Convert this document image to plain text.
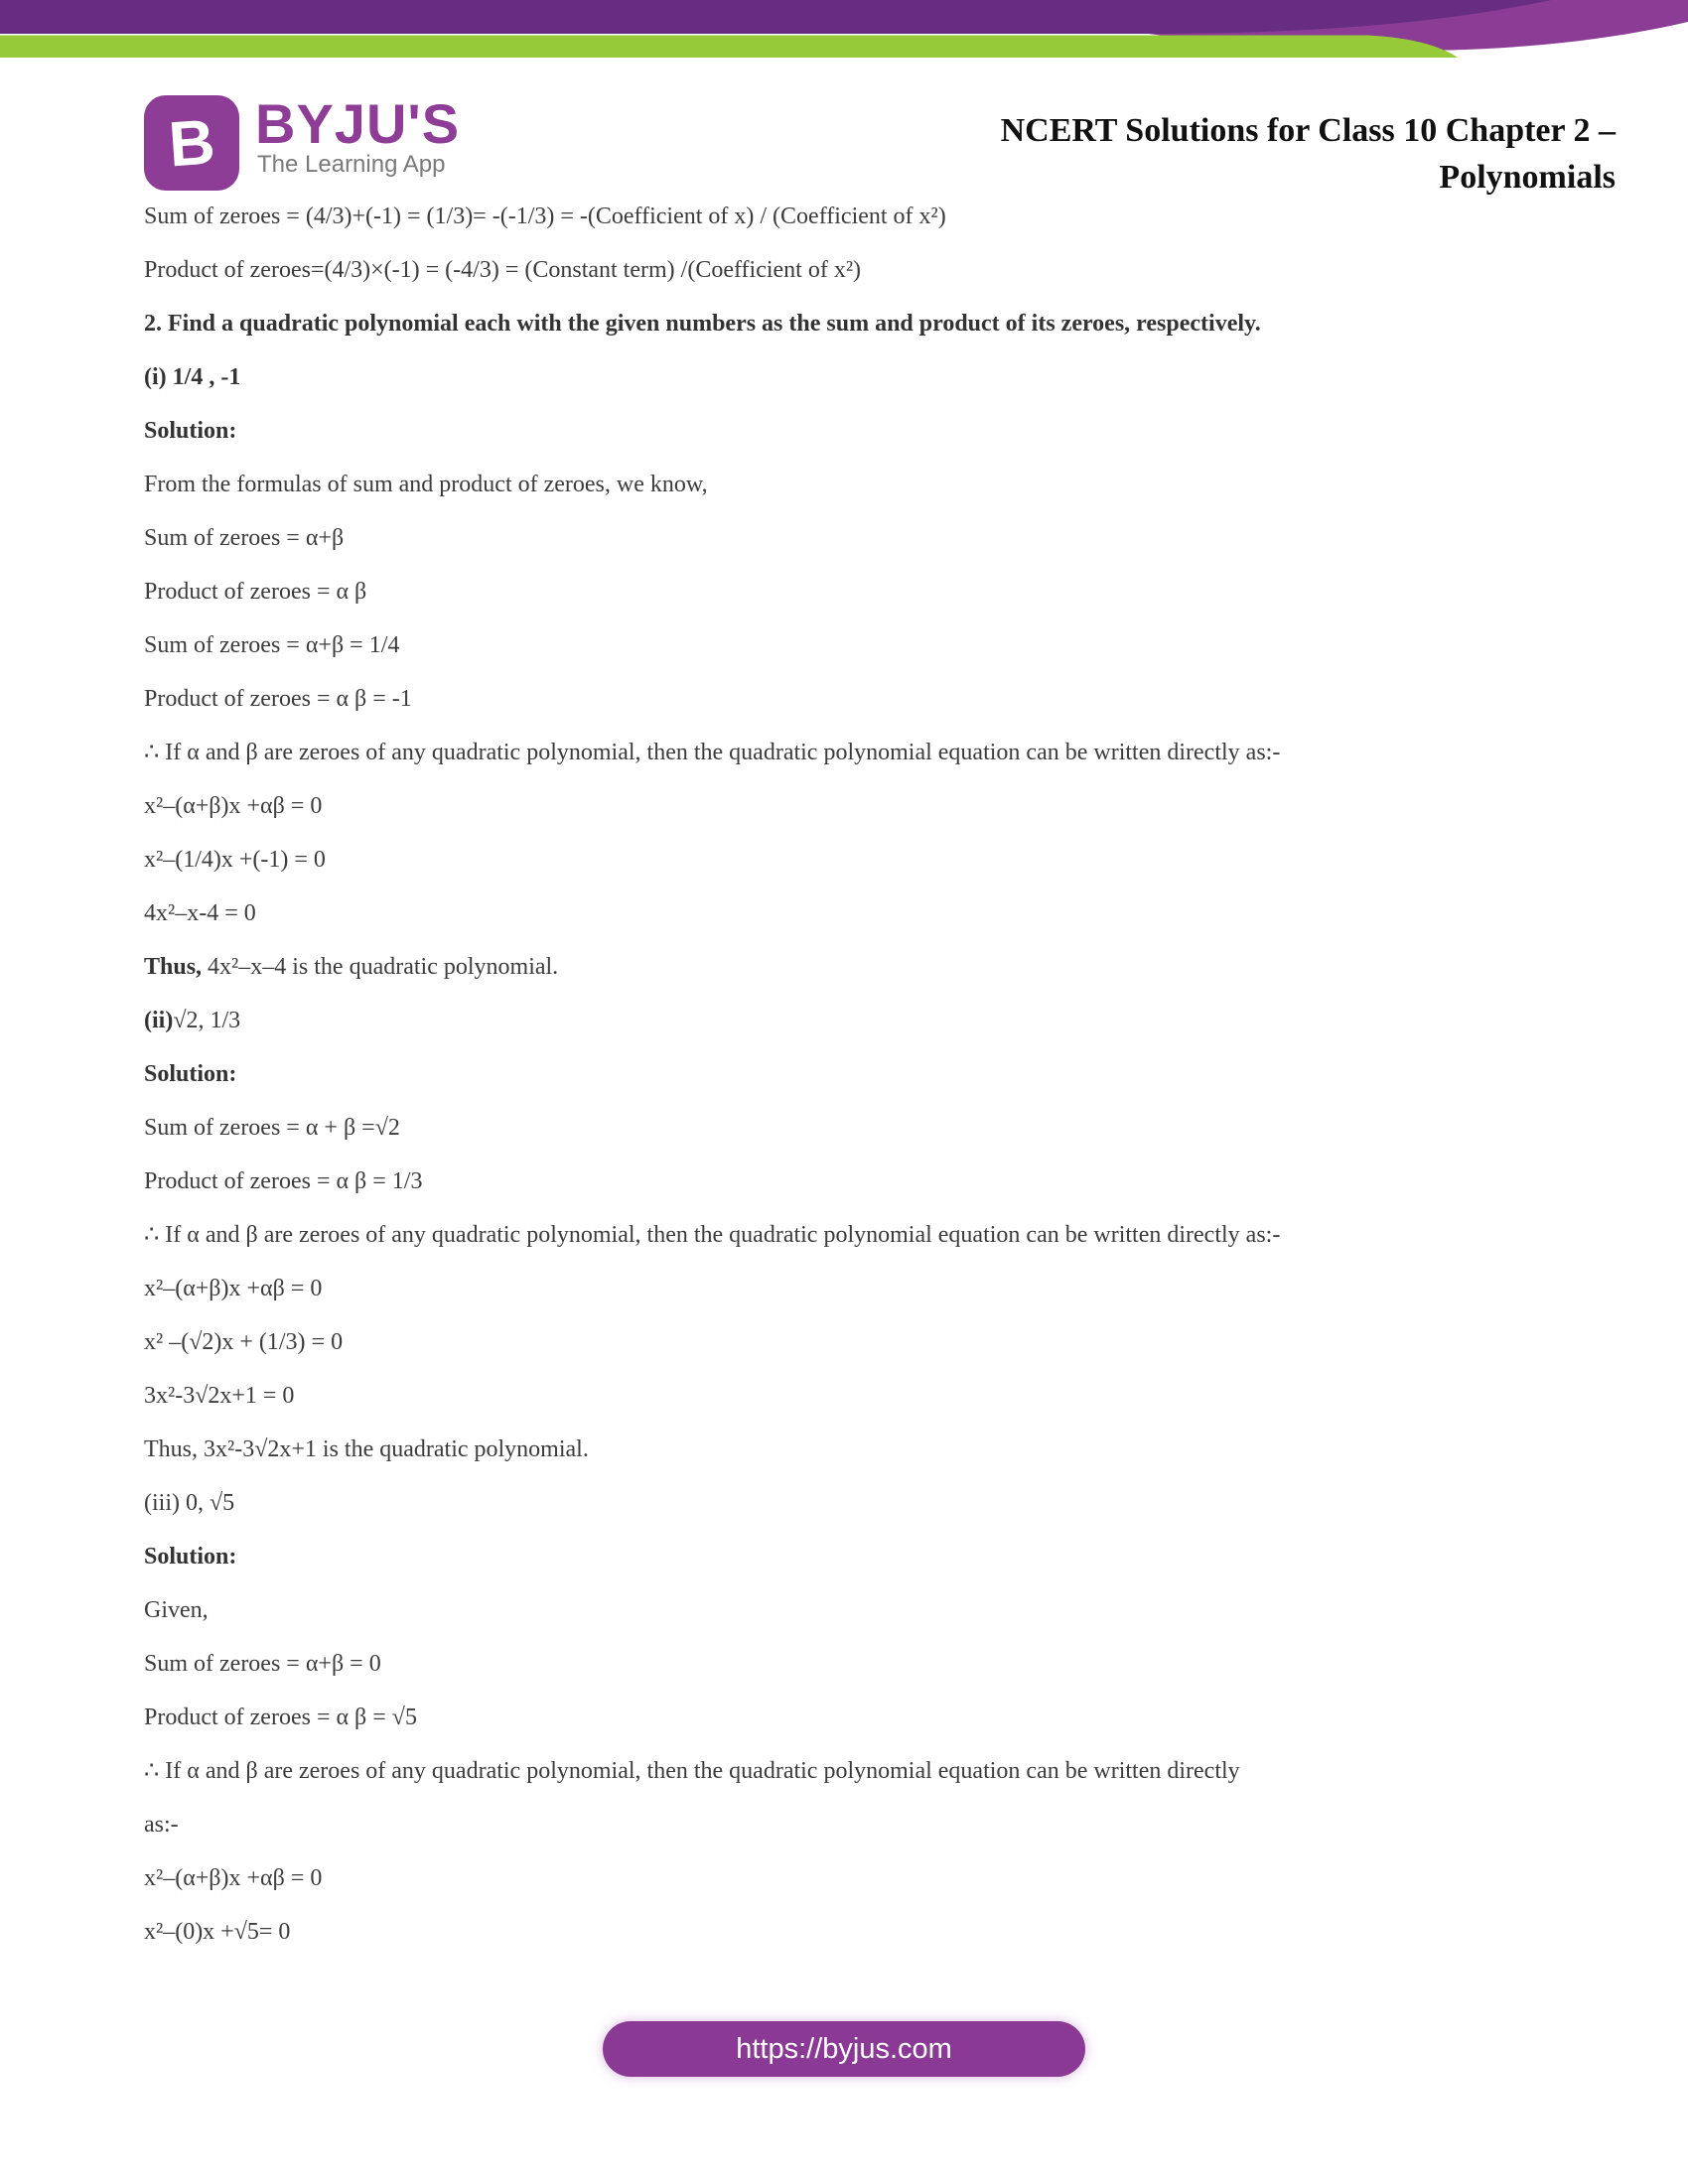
B BYJU'S
The Learning App
NCERT Solutions for Class 10 Chapter 2 –
Polynomials

Sum of zeroes = (4/3)+(-1) = (1/3)= -(-1/3) = -(Coefficient of x) / (Coefficient of x²)

Product of zeroes=(4/3)×(-1) = (-4/3) = (Constant term) /(Coefficient of x²)

2. Find a quadratic polynomial each with the given numbers as the sum and product of its zeroes, respectively.

(i) 1/4 , -1

Solution:

From the formulas of sum and product of zeroes, we know,

Sum of zeroes = α+β

Product of zeroes = α β

Sum of zeroes = α+β = 1/4

Product of zeroes = α β = -1

∴ If α and β are zeroes of any quadratic polynomial, then the quadratic polynomial equation can be written directly as:-

x²–(α+β)x +αβ = 0

x²–(1/4)x +(-1) = 0

4x²–x-4 = 0

Thus, 4x²–x–4 is the quadratic polynomial.

(ii)√2, 1/3

Solution:

Sum of zeroes = α + β =√2

Product of zeroes = α β = 1/3

∴ If α and β are zeroes of any quadratic polynomial, then the quadratic polynomial equation can be written directly as:-

x²–(α+β)x +αβ = 0

x² –(√2)x + (1/3) = 0

3x²-3√2x+1 = 0

Thus, 3x²-3√2x+1 is the quadratic polynomial.

(iii) 0, √5

Solution:

Given,

Sum of zeroes = α+β = 0

Product of zeroes = α β = √5

∴ If α and β are zeroes of any quadratic polynomial, then the quadratic polynomial equation can be written directly

as:-

x²–(α+β)x +αβ = 0

x²–(0)x +√5= 0

https://byjus.com
